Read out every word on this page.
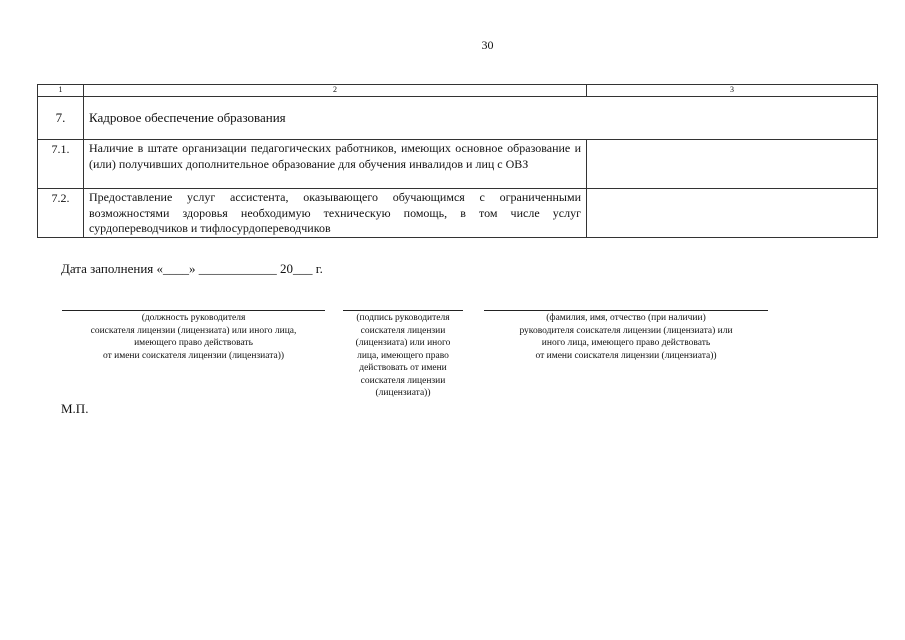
30
1	2	3
7.	Кадровое обеспечение образования	
7.1.	Наличие в штате организации педагогических работников, имеющих основное образование и (или) получивших дополнительное образование для обучения инвалидов и лиц с ОВЗ	
7.2.	Предоставление услуг ассистента, оказывающего обучающимся с ограниченными возможностями здоровья необходимую техническую помощь, в том числе услуг сурдопереводчиков и тифлосурдопереводчиков	
Дата заполнения «____» ____________ 20___ г.
(должность руководителя
соискателя лицензии (лицензиата) или иного лица,
имеющего право действовать
от имени соискателя лицензии (лицензиата))
(подпись руководителя
соискателя лицензии
(лицензиата) или иного
лица, имеющего право
действовать от имени
соискателя лицензии
(лицензиата))
(фамилия, имя, отчество (при наличии)
руководителя соискателя лицензии (лицензиата) или
иного лица, имеющего право действовать
от имени соискателя лицензии (лицензиата))
М.П.
